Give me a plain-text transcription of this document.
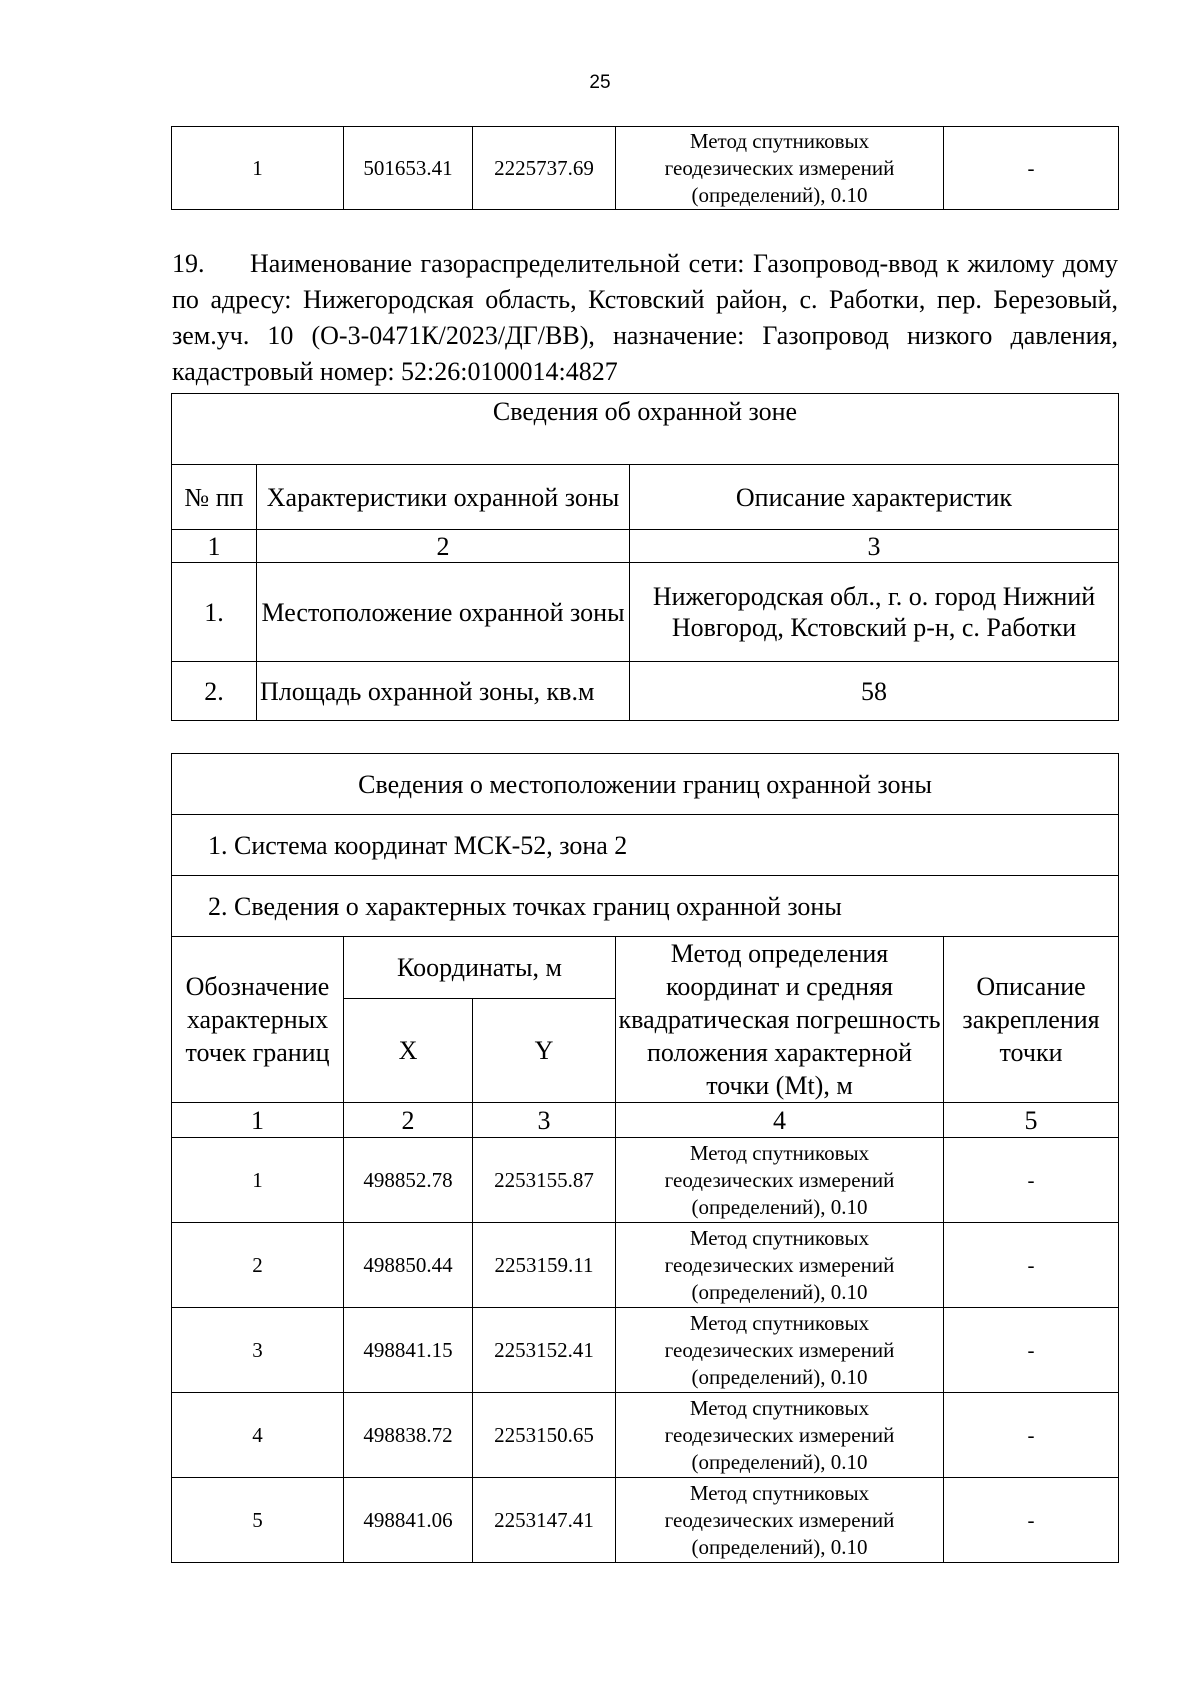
25
1	501653.41	2225737.69	Метод спутниковых
геодезических измерений
(определений), 0.10	-
19. Наименование газораспределительной сети: Газопровод-ввод к жилому дому по адресу: Нижегородская область, Кстовский район, с. Работки, пер. Березовый, зем.уч. 10 (О-3-0471К/2023/ДГ/ВВ), назначение: Газопровод низкого давления, кадастровый номер: 52:26:0100014:4827
Сведения об охранной зоне		
№ пп	Характеристики охранной зоны	Описание характеристик
1	2	3
1.	Местоположение охранной зоны	Нижегородская обл., г. о. город Нижний Новгород, Кстовский р-н, с. Работки
2.	Площадь охранной зоны, кв.м	58
Сведения о местоположении границ охранной зоны				
1. Система координат МСК-52, зона 2				
2. Сведения о характерных точках границ охранной зоны				
Обозначение характерных точек границ	Координаты, м		Метод определения координат и средняя квадратическая погрешность положения характерной точки (Mt), м	Описание закрепления точки
	X	Y		
1	2	3	4	5
1	498852.78	2253155.87	Метод спутниковых
геодезических измерений
(определений), 0.10	-
2	498850.44	2253159.11	Метод спутниковых
геодезических измерений
(определений), 0.10	-
3	498841.15	2253152.41	Метод спутниковых
геодезических измерений
(определений), 0.10	-
4	498838.72	2253150.65	Метод спутниковых
геодезических измерений
(определений), 0.10	-
5	498841.06	2253147.41	Метод спутниковых
геодезических измерений
(определений), 0.10	-
